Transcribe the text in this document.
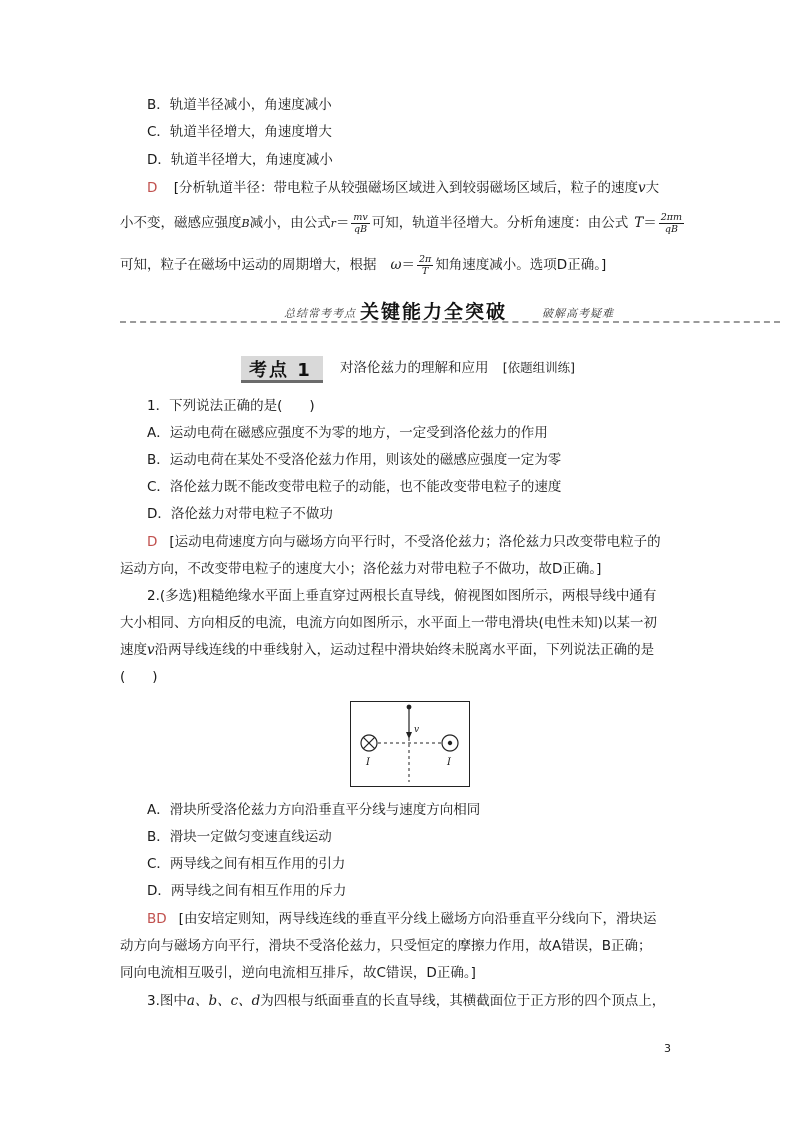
B．轨道半径减小，角速度减小
C．轨道半径增大，角速度增大
D．轨道半径增大，角速度减小
D [分析轨道半径：带电粒子从较强磁场区域进入到较弱磁场区域后，粒子的速度v大
小不变，磁感应强度B减小，由公式$r= \frac{mv}{qB}$ 可知，轨道半径增大。分析角速度：由公式 $T= \frac{2\pi m}{qB}$
可知，粒子在磁场中运动的周期增大，根据 $\omega= \frac{2\pi}{T}$ 知角速度减小。选项D正确。]
总结常考考点 关键能力全突破	破解高考疑难
考点 1 对洛伦兹力的理解和应用 [依题组训练]
1．下列说法正确的是(　　)
A．运动电荷在磁感应强度不为零的地方，一定受到洛伦兹力的作用
B．运动电荷在某处不受洛伦兹力作用，则该处的磁感应强度一定为零
C．洛伦兹力既不能改变带电粒子的动能，也不能改变带电粒子的速度
D．洛伦兹力对带电粒子不做功
D [运动电荷速度方向与磁场方向平行时，不受洛伦兹力；洛伦兹力只改变带电粒子的
运动方向，不改变带电粒子的速度大小；洛伦兹力对带电粒子不做功，故D正确。]
2.(多选)粗糙绝缘水平面上垂直穿过两根长直导线，俯视图如图所示，两根导线中通有
大小相同、方向相反的电流，电流方向如图所示，水平面上一带电滑块(电性未知)以某一初
速度v沿两导线连线的中垂线射入，运动过程中滑块始终未脱离水平面，下列说法正确的是
(　　)
v
I	I
A．滑块所受洛伦兹力方向沿垂直平分线与速度方向相同
B．滑块一定做匀变速直线运动
C．两导线之间有相互作用的引力
D．两导线之间有相互作用的斥力
BD [由安培定则知，两导线连线的垂直平分线上磁场方向沿垂直平分线向下，滑块运
动方向与磁场方向平行，滑块不受洛伦兹力，只受恒定的摩擦力作用，故A错误，B正确；
同向电流相互吸引，逆向电流相互排斥，故C错误，D正确。]
3.图中a、b、c、d为四根与纸面垂直的长直导线，其横截面位于正方形的四个顶点上，
3
